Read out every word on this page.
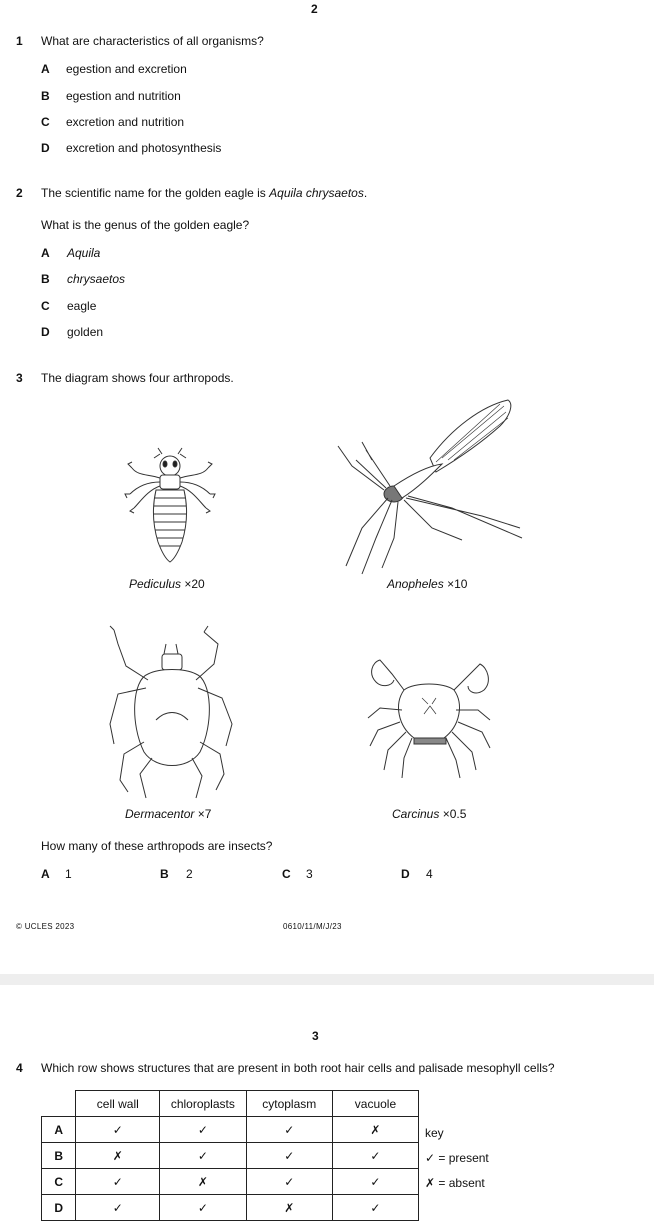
2
1 What are characteristics of all organisms?
A egestion and excretion
B egestion and nutrition
C excretion and nutrition
D excretion and photosynthesis
2 The scientific name for the golden eagle is Aquila chrysaetos.
What is the genus of the golden eagle?
A Aquila
B chrysaetos
C eagle
D golden
3 The diagram shows four arthropods.
Pediculus ×20	Anopheles ×10
Dermacentor ×7	Carcinus ×0.5
How many of these arthropods are insects?
A 1	B 2	C 3	D 4
© UCLES 2023	0610/11/M/J/23
3
4 Which row shows structures that are present in both root hair cells and palisade mesophyll cells?
	cell wall	chloroplasts	cytoplasm	vacuole
A	✓	✓	✓	✗
B	✗	✓	✓	✓
C	✓	✗	✓	✓
D	✓	✓	✗	✓
key
✓ = present
✗ = absent
